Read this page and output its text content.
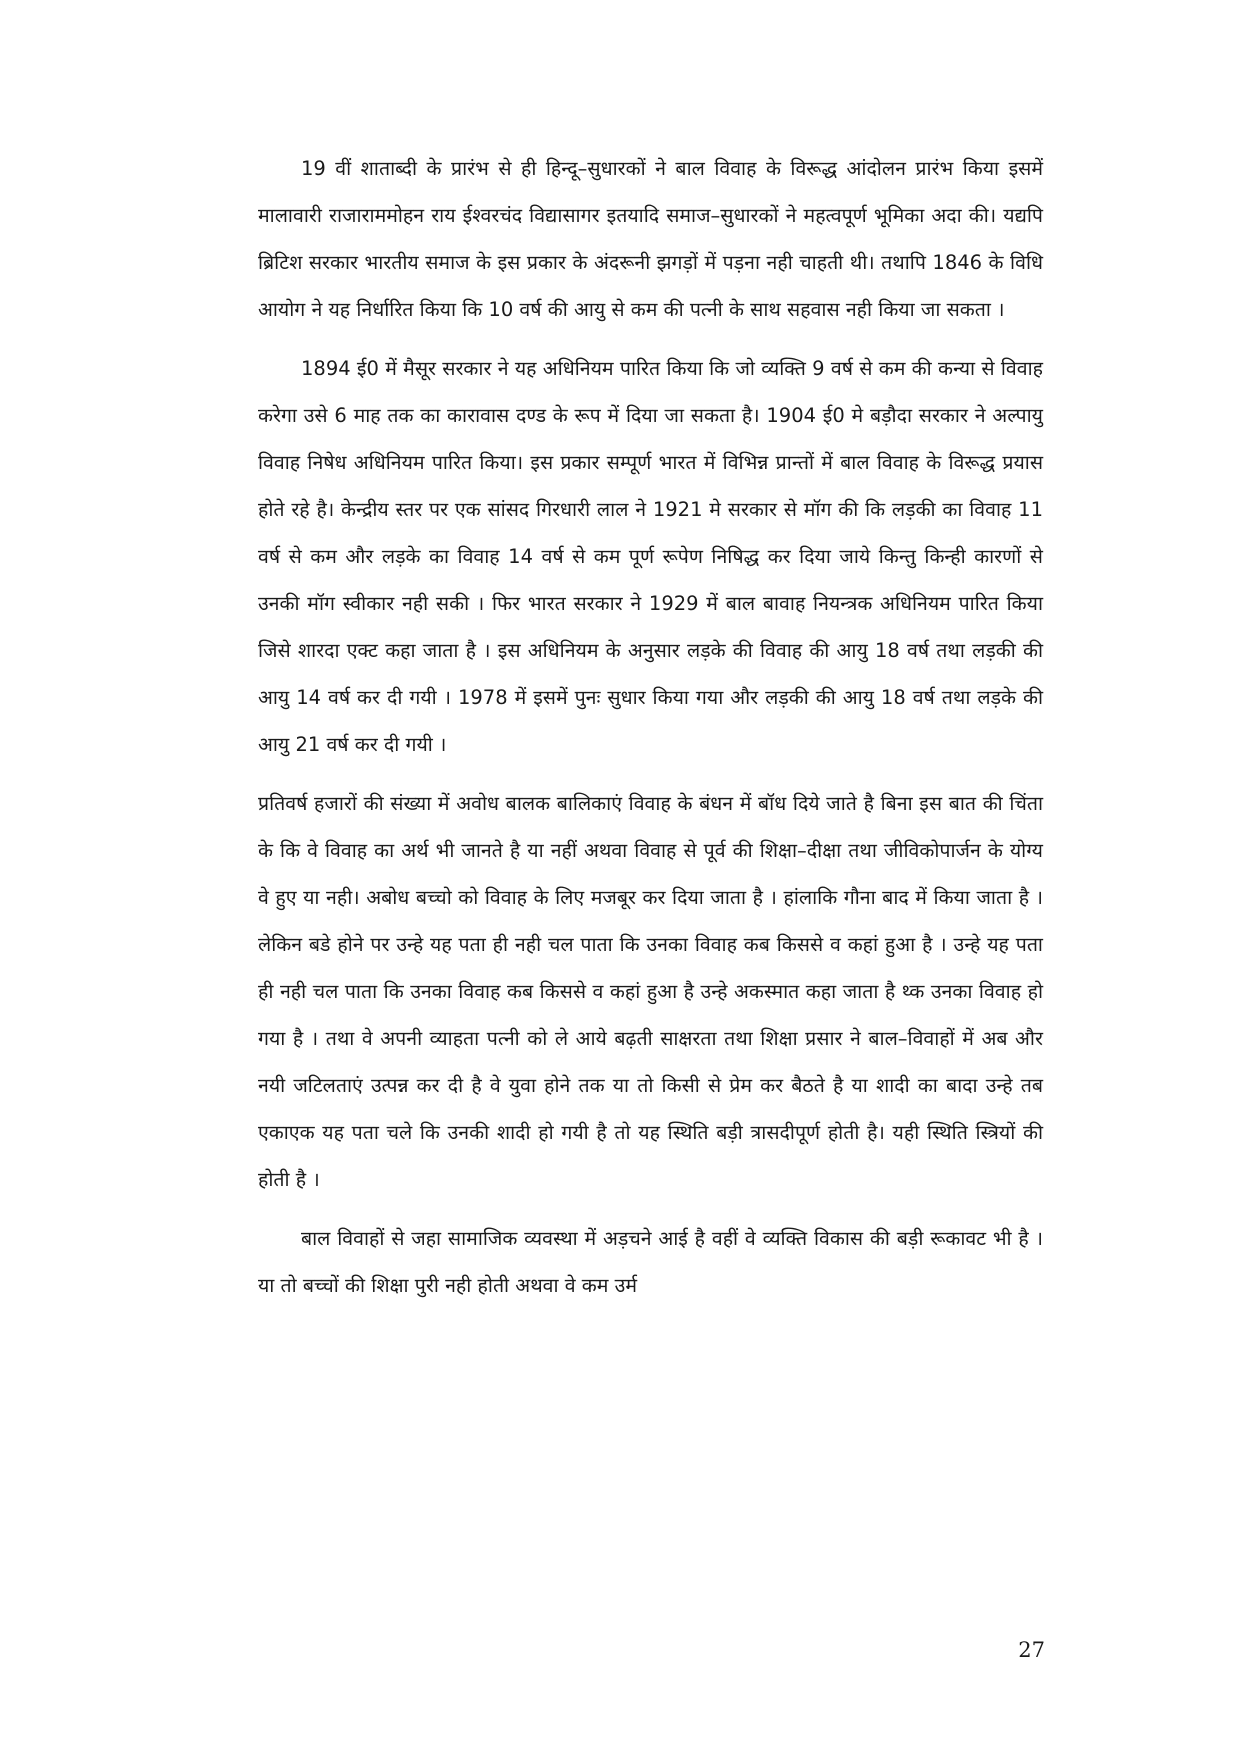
19 वीं शाताब्दी के प्रारंभ से ही हिन्दू–सुधारकों ने बाल विवाह के विरूद्ध आंदोलन प्रारंभ किया इसमें मालावारी राजाराममोहन राय ईश्वरचंद विद्यासागर इतयादि समाज–सुधारकों ने महत्वपूर्ण भूमिका अदा की। यद्यपि ब्रिटिश सरकार भारतीय समाज के इस प्रकार के अंदरूनी झगड़ों में पड़ना नही चाहती थी। तथापि 1846 के विधि आयोग ने यह निर्धारित किया कि 10 वर्ष की आयु से कम की पत्नी के साथ सहवास नही किया जा सकता ।

1894 ई0 में मैसूर सरकार ने यह अधिनियम पारित किया कि जो व्यक्ति 9 वर्ष से कम की कन्या से विवाह करेगा उसे 6 माह तक का कारावास दण्ड के रूप में दिया जा सकता है। 1904 ई0 मे बड़ौदा सरकार ने अल्पायु विवाह निषेध अधिनियम पारित किया। इस प्रकार सम्पूर्ण भारत में विभिन्न प्रान्तों में बाल विवाह के विरूद्ध प्रयास होते रहे है। केन्द्रीय स्तर पर एक सांसद गिरधारी लाल ने 1921 मे सरकार से मॉग की कि लड़की का विवाह 11 वर्ष से कम और लड़के का विवाह 14 वर्ष से कम पूर्ण रूपेण निषिद्ध कर दिया जाये किन्तु किन्ही कारणों से उनकी मॉग स्वीकार नही सकी । फिर भारत सरकार ने 1929 में बाल बावाह नियन्त्रक अधिनियम पारित किया जिसे शारदा एक्ट कहा जाता है । इस अधिनियम के अनुसार लड़के की विवाह की आयु 18 वर्ष तथा लड़की की आयु 14 वर्ष कर दी गयी । 1978 में इसमें पुनः सुधार किया गया और लड़की की आयु 18 वर्ष तथा लड़के की आयु 21 वर्ष कर दी गयी ।

प्रतिवर्ष हजारों की संख्या में अवोध बालक बालिकाएं विवाह के बंधन में बॉध दिये जाते है बिना इस बात की चिंता के कि वे विवाह का अर्थ भी जानते है या नहीं अथवा विवाह से पूर्व की शिक्षा–दीक्षा तथा जीविकोपार्जन के योग्य वे हुए या नही। अबोध बच्चो को विवाह के लिए मजबूर कर दिया जाता है । हांलाकि गौना बाद में किया जाता है ।लेकिन बडे होने पर उन्हे यह पता ही नही चल पाता कि उनका विवाह कब किससे व कहां हुआ है । उन्हे यह पता ही नही चल पाता कि उनका विवाह कब किससे व कहां हुआ है उन्हे अकस्मात कहा जाता है थ्क उनका विवाह हो गया है । तथा वे अपनी व्याहता पत्नी को ले आये बढ़ती साक्षरता तथा शिक्षा प्रसार ने बाल–विवाहों में अब और नयी जटिलताएं उत्पन्न कर दी है वे युवा होने तक या तो किसी से प्रेम कर बैठते है या शादी का बादा उन्हे तब एकाएक यह पता चले कि उनकी शादी हो गयी है तो यह स्थिति बड़ी त्रासदीपूर्ण होती है। यही स्थिति स्त्रियों की होती है ।

बाल विवाहों से जहा सामाजिक व्यवस्था में अड़चने आई है वहीं वे व्यक्ति विकास की बड़ी रूकावट भी है । या तो बच्चों की शिक्षा पुरी नही होती अथवा वे कम उर्म

27
